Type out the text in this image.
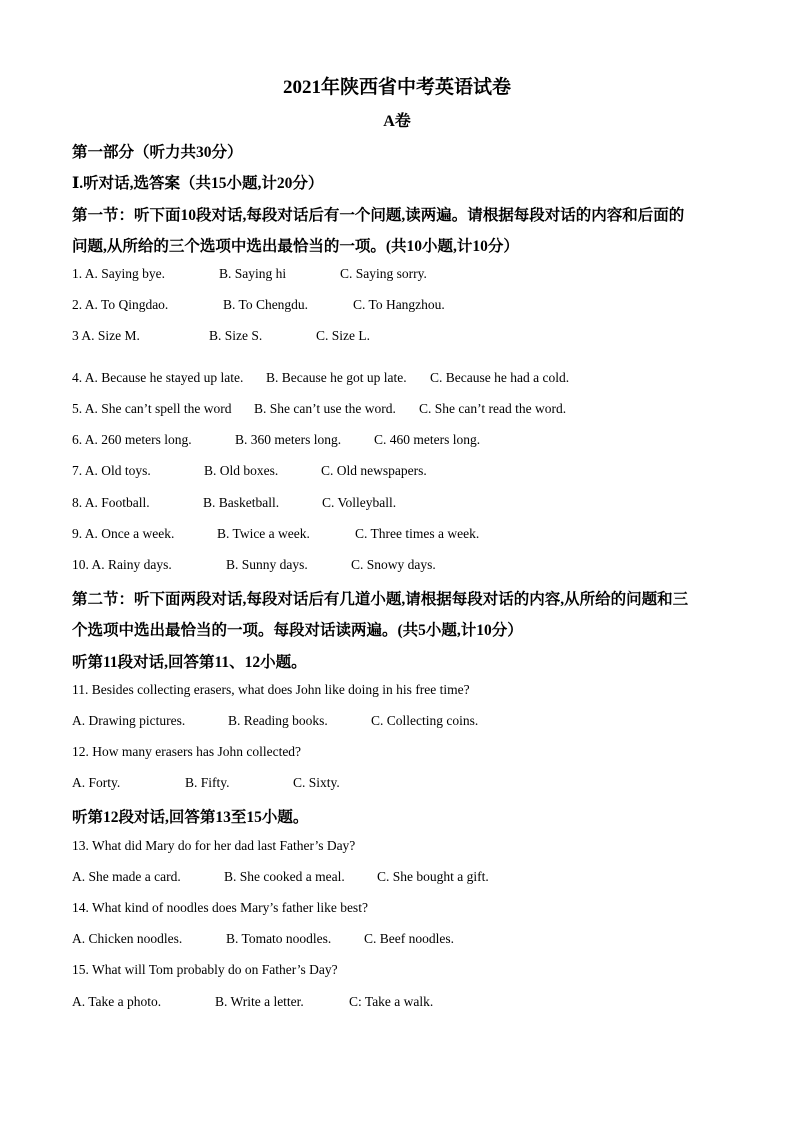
2021年陕西省中考英语试卷
A卷
第一部分（听力共30分）
Ⅰ.听对话,选答案（共15小题,计20分）
第一节：听下面10段对话,每段对话后有一个问题,读两遍。请根据每段对话的内容和后面的
问题,从所给的三个选项中选出最恰当的一项。(共10小题,计10分）
1. A. Saying bye.	B. Saying hi	C. Saying sorry.
2. A. To Qingdao.	B. To Chengdu.	C. To Hangzhou.
3 A. Size M.	B. Size S.	C. Size L.
4. A. Because he stayed up late. B. Because he got up late. C. Because he had a cold.
5. A. She can’t spell the word B. She can’t use the word. C. She can’t read the word.
6. A. 260 meters long.	B. 360 meters long. C. 460 meters long.
7. A. Old toys.	B. Old boxes.	C. Old newspapers.
8. A. Football.	B. Basketball.	C. Volleyball.
9. A. Once a week.	B. Twice a week.	C. Three times a week.
10. A. Rainy days.	B. Sunny days.	C. Snowy days.
第二节：听下面两段对话,每段对话后有几道小题,请根据每段对话的内容,从所给的问题和三
个选项中选出最恰当的一项。每段对话读两遍。(共5小题,计10分）
听第11段对话,回答第11、12小题。
11. Besides collecting erasers, what does John like doing in his free time?
A. Drawing pictures.	B. Reading books.	C. Collecting coins.
12. How many erasers has John collected?
A. Forty.	B. Fifty.	C. Sixty.
听第12段对话,回答第13至15小题。
13. What did Mary do for her dad last Father’s Day?
A. She made a card.	B. She cooked a meal. C. She bought a gift.
14. What kind of noodles does Mary’s father like best?
A. Chicken noodles.	B. Tomato noodles. C. Beef noodles.
15. What will Tom probably do on Father’s Day?
A. Take a photo.	B. Write a letter.	C: Take a walk.
